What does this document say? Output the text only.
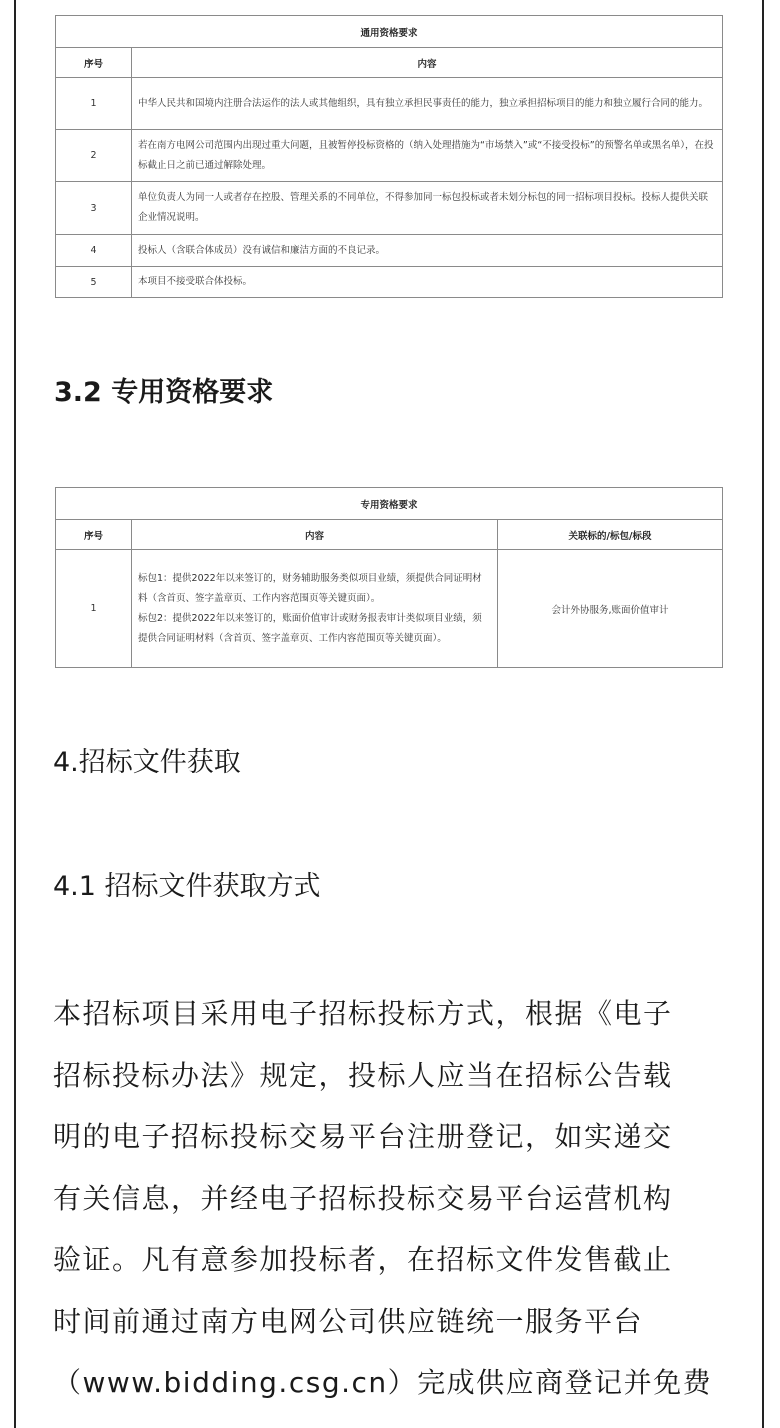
通用资格要求	
序号	内容
1	中华人民共和国境内注册合法运作的法人或其他组织，具有独立承担民事责任的能力，独立承担招标项目的能力和独立履行合同的能力。
2	若在南方电网公司范围内出现过重大问题，且被暂停投标资格的（纳入处理措施为“市场禁入”或“不接受投标”的预警名单或黑名单），在投标截止日之前已通过解除处理。
3	单位负责人为同一人或者存在控股、管理关系的不同单位，不得参加同一标包投标或者未划分标包的同一招标项目投标。投标人提供关联企业情况说明。
4	投标人（含联合体成员）没有诚信和廉洁方面的不良记录。
5	本项目不接受联合体投标。
3.2 专用资格要求
专用资格要求		
序号	内容	关联标的/标包/标段
1	标包1：提供2022年以来签订的，财务辅助服务类似项目业绩，须提供合同证明材料（含首页、签字盖章页、工作内容范围页等关键页面）。
标包2：提供2022年以来签订的，账面价值审计或财务报表审计类似项目业绩，须提供合同证明材料（含首页、签字盖章页、工作内容范围页等关键页面）。	会计外协服务,账面价值审计
4.招标文件获取
4.1 招标文件获取方式

本招标项目采用电子招标投标方式，根据《电子
招标投标办法》规定，投标人应当在招标公告载
明的电子招标投标交易平台注册登记，如实递交
有关信息，并经电子招标投标交易平台运营机构
验证。凡有意参加投标者，在招标文件发售截止
时间前通过南方电网公司供应链统一服务平台
（www.bidding.csg.cn）完成供应商登记并免费
